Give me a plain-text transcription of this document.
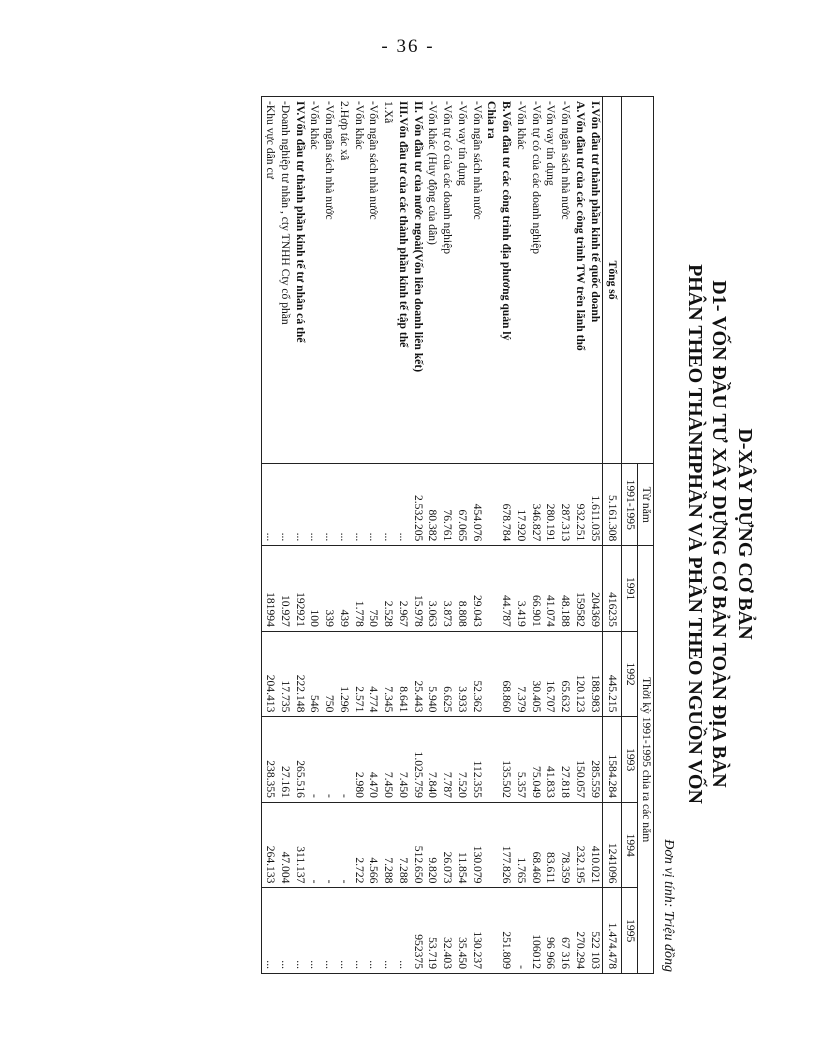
- 36 -
D-XÂY DỰNG CƠ BẢN
D1- VỐN ĐẦU TƯ XÂY DỰNG CƠ BẢN TOÀN ĐỊA BÀN
PHÂN THEO THÀNHPHẦN VÀ PHẦN THEO NGUỒN VỐN
Đơn vị tính: Triệu đồng
	Từ năm	Thời kỳ 1991-1995 chia ra các năm				
	1991-1995	1991	1992	1993	1994	1995
Tổng số	5.161.308	416235	445.215	1584.284	1241096	1.474.478
I.Vốn đầu tư thành phần kinh tế quốc doanh	1.611.035	204369	188.983	285.559	410.021	522 103
A.Vốn đầu tư của các công trình TW trên lãnh thổ	932.251	159582	120.123	150.057	232.195	270.294
-Vốn ngân sách nhà nước	287.313	48.188	65.632	27.818	78.359	67 316
-Vốn vay tín dụng	280.191	41.074	16.707	41.833	83.611	96 966
-Vốn tự có của các doanh nghiệp	346.827	66.901	30.405	75.049	68.460	106012
-Vốn khác	17.920	3.419	7.379	5.357	1.765	-
B.Vốn đầu tư các công trình địa phương quản lý	678.784	44.787	68.860	135.502	177.826	251.809
Chia ra						
-Vốn ngân sách nhà nước	454.076	29.043	52.362	112.355	130.079	130.237
-Vốn vay tín dụng	67.065	8.808	3.933	7.520	11.854	35.450
-Vốn tự có của các doanh nghiệp	76.761	3.873	6.625	7.787	26.073	32.403
-Vốn khác (Huy động của dân)	80.382	3.063	5.940	7.840	9.820	53.719
II. Vốn đầu tư của nước ngoài(Vốn liên doanh liên kết)	2.532.205	15.978	25.443	1.025.759	512.650	952375
III.Vốn đầu tư của các thành phần kinh tế tập thể	...	2.967	8.641	7.450	7.288	...
1.Xã	...	2.528	7.345	7.450	7.288	...
-Vốn ngân sách nhà nước	...	750	4.774	4.470	4.566	...
-Vốn khác	...	1.778	2.571	2.980	2.722	...
2.Hợp tác xã	...	439	1.296	-	-	...
-Vốn ngân sách nhà nước	...	339	750	-	-	...
-Vốn khác	...	100	546	-	-	...
IV.Vốn đầu tư thành phần kinh tế tư nhân cá thể	...	192921	222.148	265.516	311.137	...
-Doanh nghiệp tư nhân , cty TNHH Cty cổ phần	...	10.927	17.735	27.161	47.004	...
-Khu vực dân cư	...	181994	204.413	238.355	264.133	...
